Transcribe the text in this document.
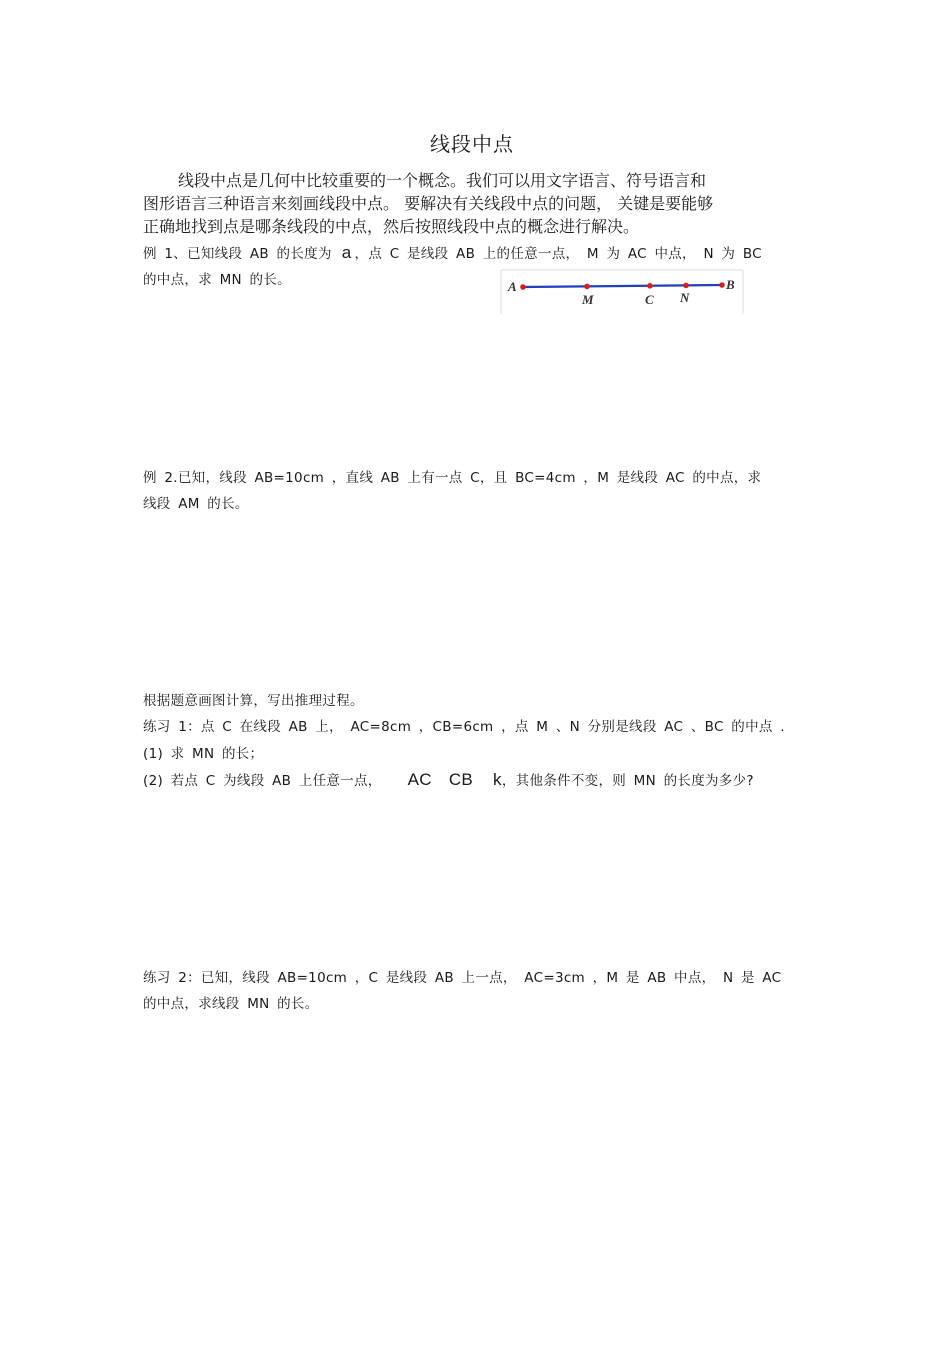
线段中点
线段中点是几何中比较重要的一个概念。我们可以用文字语言、符号语言和
图形语言三种语言来刻画线段中点。 要解决有关线段中点的问题， 关键是要能够
正确地找到点是哪条线段的中点，然后按照线段中点的概念进行解决。
例 1、已知线段 AB 的长度为 a ，点 C 是线段 AB 上的任意一点， M 为 AC 中点， N 为 BC
的中点，求 MN 的长。	A
M	C N
B
例 2.已知，线段 AB=10cm ，直线 AB 上有一点 C，且 BC=4cm ，M 是线段 AC 的中点，求
线段 AM 的长。
根据题意画图计算，写出推理过程。
练习 1：点 C 在线段 AB 上， AC=8cm ，CB=6cm ，点 M 、N 分别是线段 AC 、BC 的中点 .
(1) 求 MN 的长；
(2) 若点 C 为线段 AB 上任意一点， AC CB k，其他条件不变，则 MN 的长度为多少?
练习 2：已知，线段 AB=10cm ，C 是线段 AB 上一点， AC=3cm ，M 是 AB 中点， N 是 AC
的中点，求线段 MN 的长。
